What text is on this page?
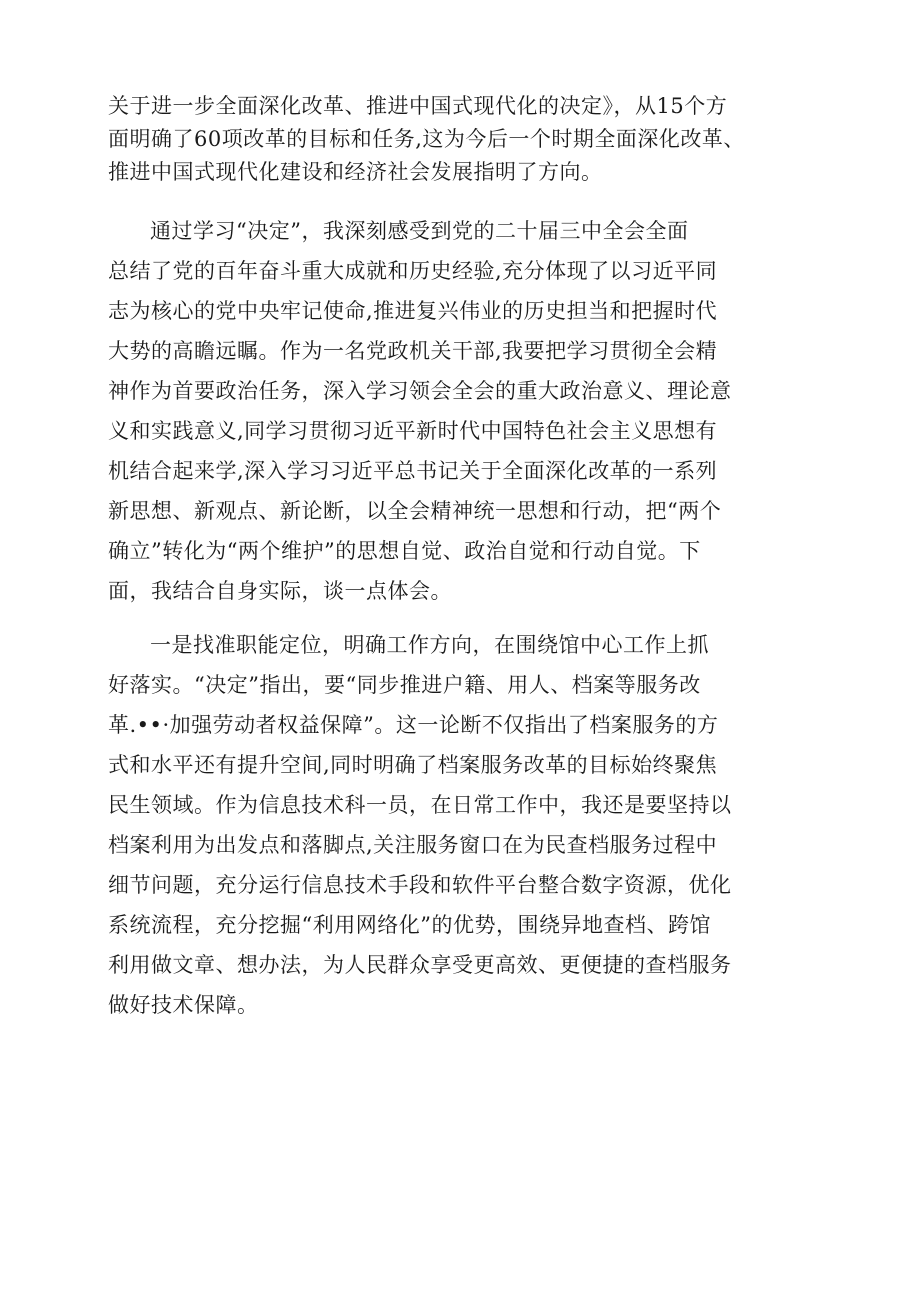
关于进一步全面深化改革、推进中国式现代化的决定》，从15个方
面明确了60项改革的目标和任务,这为今后一个时期全面深化改革、
推进中国式现代化建设和经济社会发展指明了方向。

通过学习“决定”，我深刻感受到党的二十届三中全会全面
总结了党的百年奋斗重大成就和历史经验,充分体现了以习近平同
志为核心的党中央牢记使命,推进复兴伟业的历史担当和把握时代
大势的高瞻远瞩。作为一名党政机关干部,我要把学习贯彻全会精
神作为首要政治任务，深入学习领会全会的重大政治意义、理论意
义和实践意义,同学习贯彻习近平新时代中国特色社会主义思想有
机结合起来学,深入学习习近平总书记关于全面深化改革的一系列
新思想、新观点、新论断，以全会精神统一思想和行动，把“两个
确立”转化为“两个维护”的思想自觉、政治自觉和行动自觉。下
面，我结合自身实际，谈一点体会。

一是找准职能定位，明确工作方向，在围绕馆中心工作上抓
好落实。“决定”指出，要“同步推进户籍、用人、档案等服务改
革.••·加强劳动者权益保障”。这一论断不仅指出了档案服务的方
式和水平还有提升空间,同时明确了档案服务改革的目标始终聚焦
民生领域。作为信息技术科一员，在日常工作中，我还是要坚持以
档案利用为出发点和落脚点,关注服务窗口在为民查档服务过程中
细节问题，充分运行信息技术手段和软件平台整合数字资源，优化
系统流程，充分挖掘“利用网络化”的优势，围绕异地查档、跨馆
利用做文章、想办法，为人民群众享受更高效、更便捷的查档服务
做好技术保障。
